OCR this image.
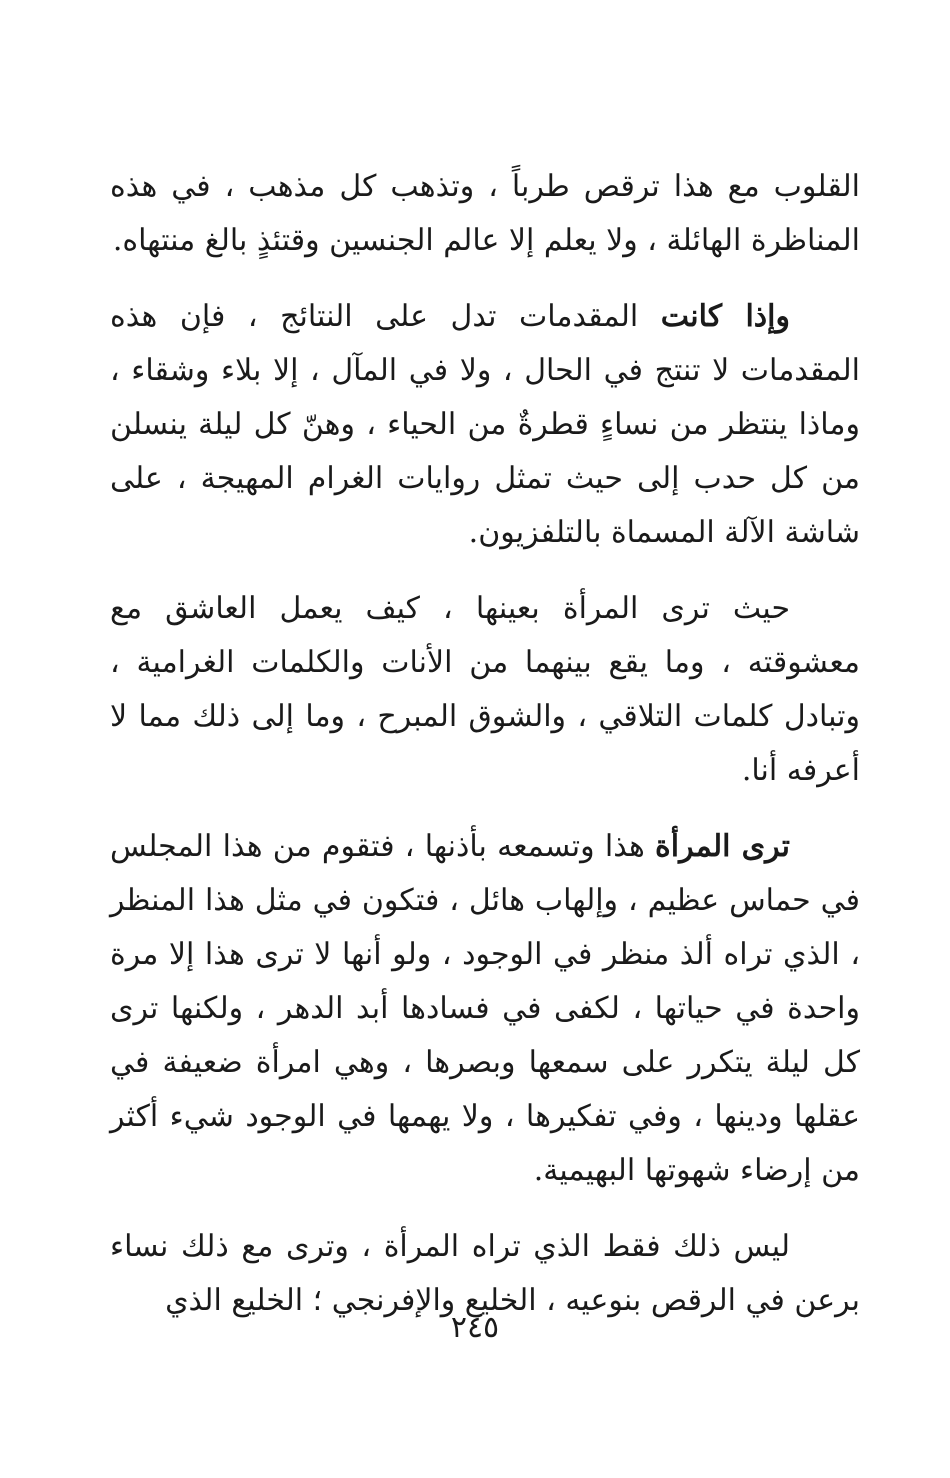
القلوب مع هذا ترقص طرباً ، وتذهب كل مذهب ، في هذه المناظرة الهائلة ، ولا يعلم إلا عالم الجنسين وقتئذٍ بالغ منتهاه.

وإذا كانت المقدمات تدل على النتائج ، فإن هذه المقدمات لا تنتج في الحال ، ولا في المآل ، إلا بلاء وشقاء ، وماذا ينتظر من نساءٍ قطرةٌ من الحياء ، وهنّ كل ليلة ينسلن من كل حدب إلى حيث تمثل روايات الغرام المهيجة ، على شاشة الآلة المسماة بالتلفزيون.

حيث ترى المرأة بعينها ، كيف يعمل العاشق مع معشوقته ، وما يقع بينهما من الأنات والكلمات الغرامية ، وتبادل كلمات التلاقي ، والشوق المبرح ، وما إلى ذلك مما لا أعرفه أنا.

ترى المرأة هذا وتسمعه بأذنها ، فتقوم من هذا المجلس في حماس عظيم ، وإلهاب هائل ، فتكون في مثل هذا المنظر ، الذي تراه ألذ منظر في الوجود ، ولو أنها لا ترى هذا إلا مرة واحدة في حياتها ، لكفى في فسادها أبد الدهر ، ولكنها ترى كل ليلة يتكرر على سمعها وبصرها ، وهي امرأة ضعيفة في عقلها ودينها ، وفي تفكيرها ، ولا يهمها في الوجود شيء أكثر من إرضاء شهوتها البهيمية.

ليس ذلك فقط الذي تراه المرأة ، وترى مع ذلك نساء برعن في الرقص بنوعيه ، الخليع والإفرنجي ؛ الخليع الذي

٢٤٥
